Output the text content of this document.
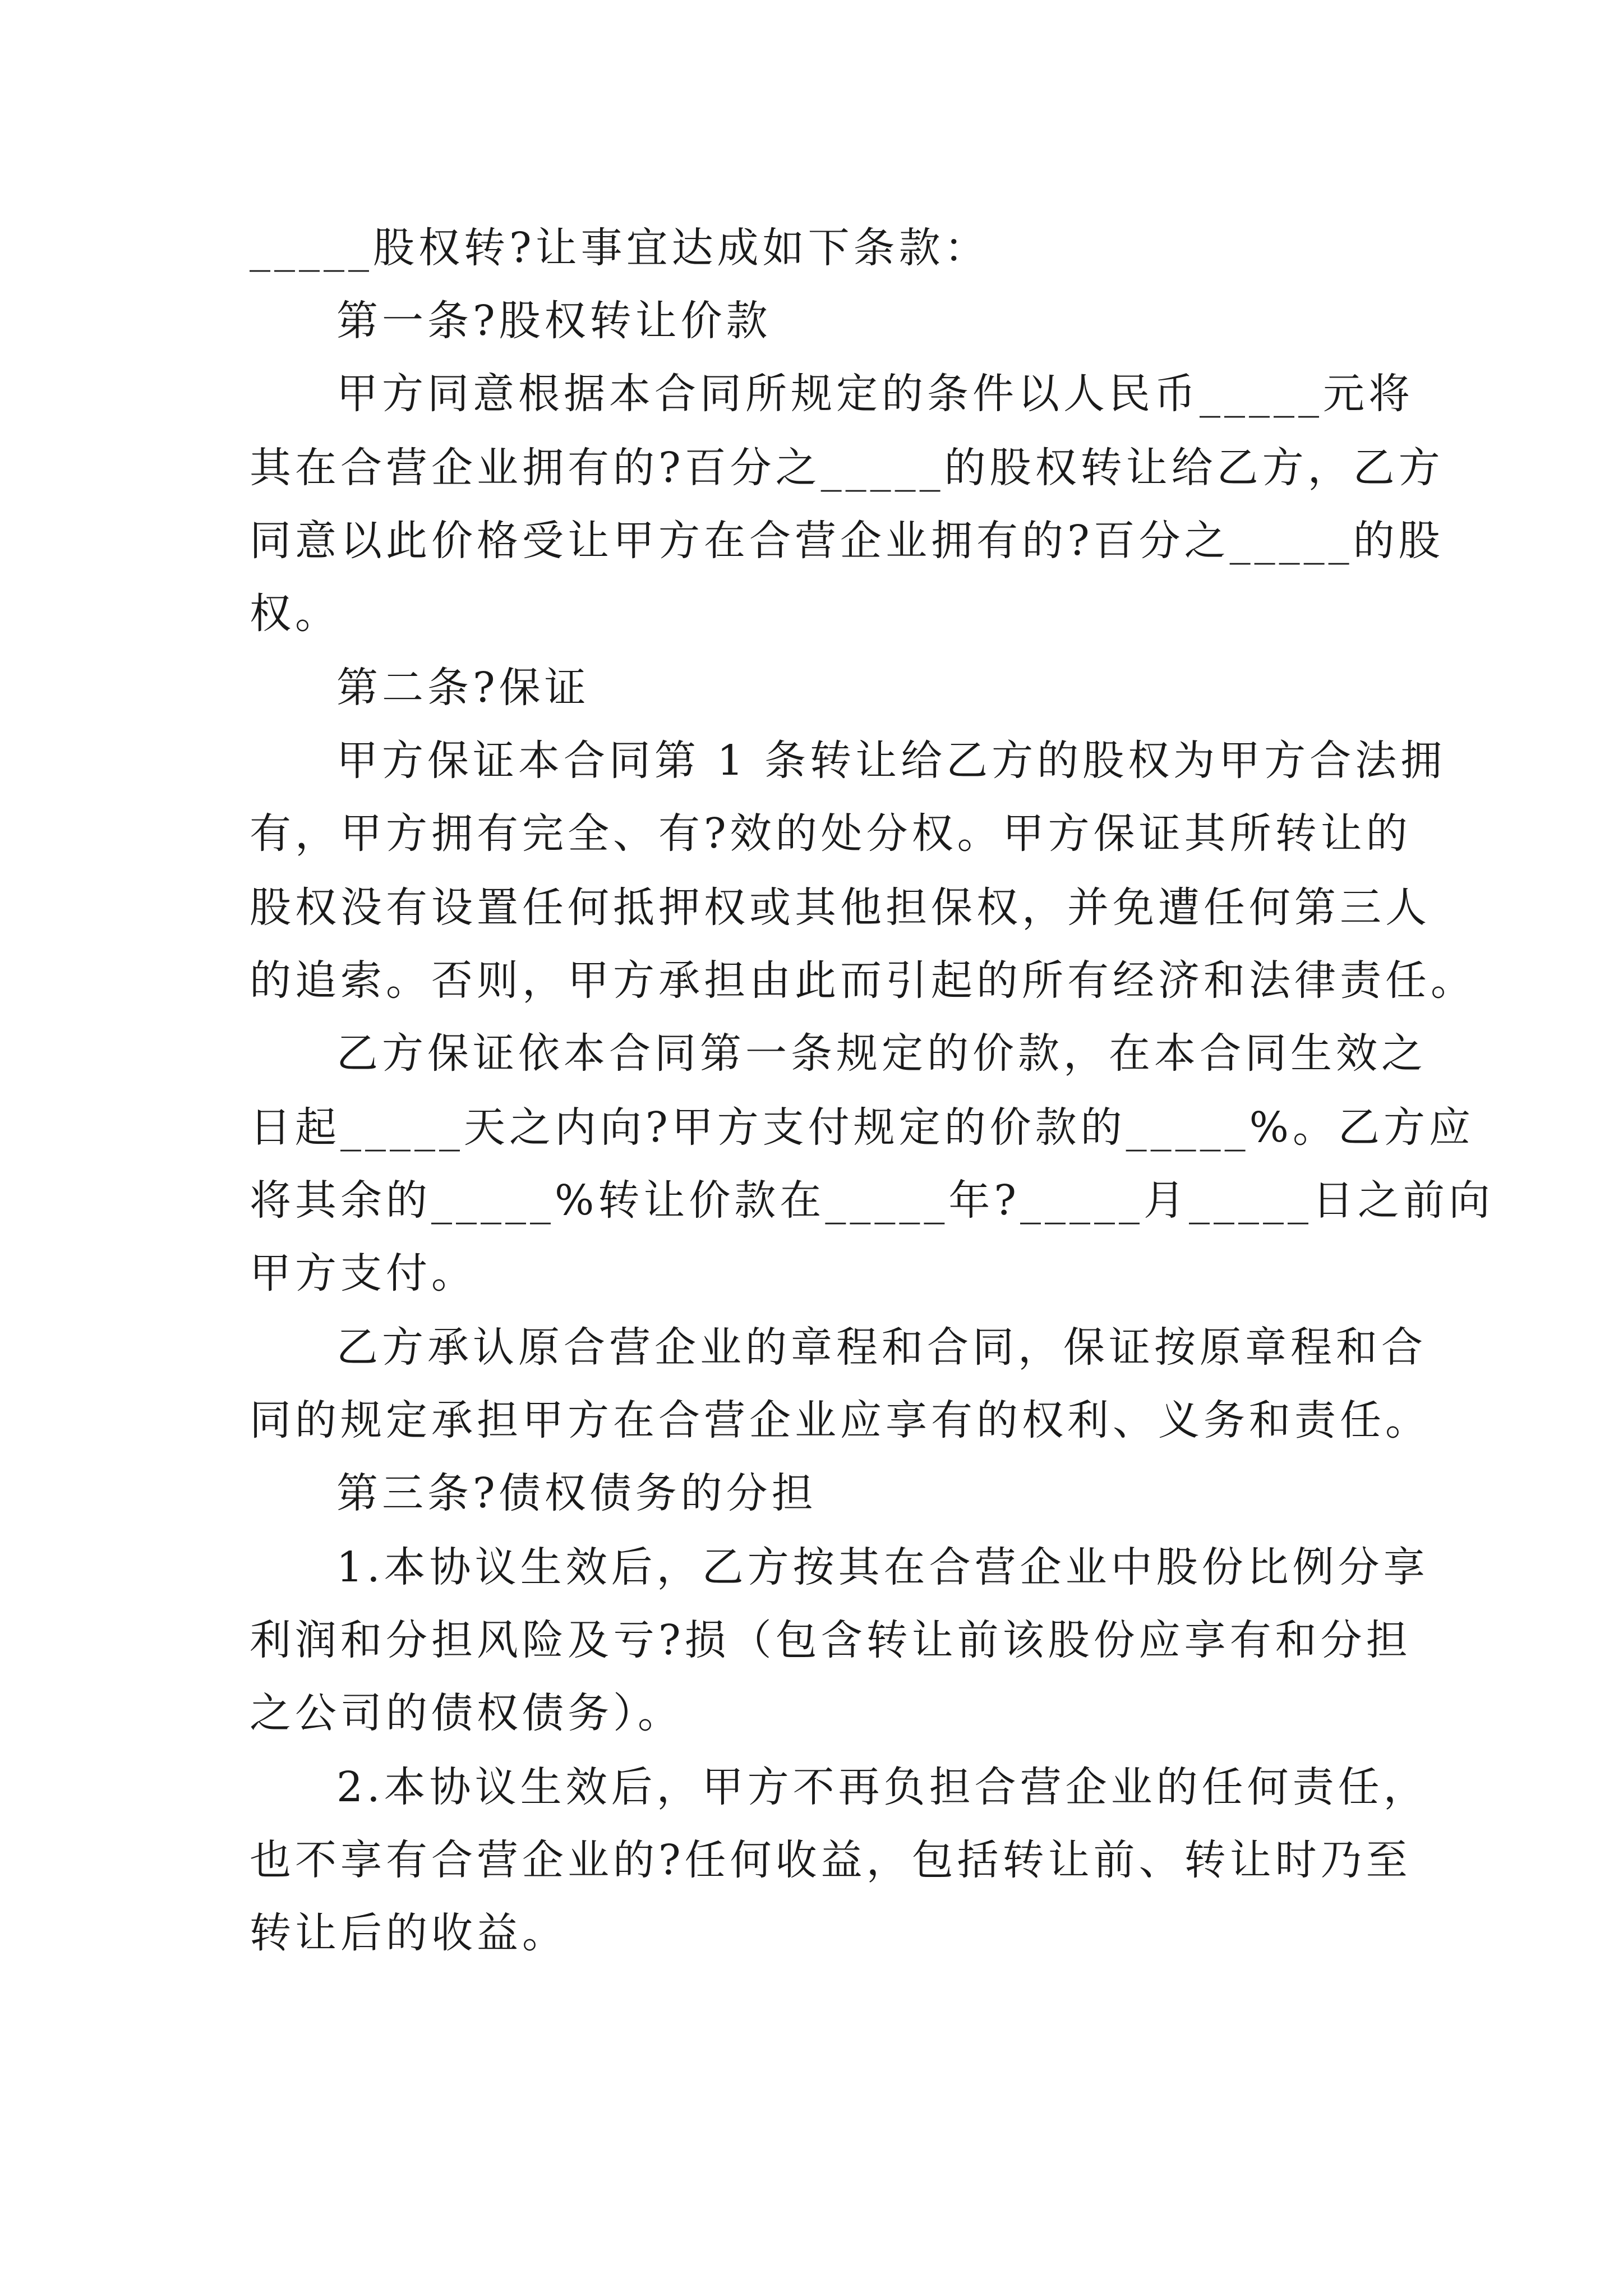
_____股权转?让事宜达成如下条款：
第一条?股权转让价款
甲方同意根据本合同所规定的条件以人民币_____元将
其在合营企业拥有的?百分之_____的股权转让给乙方，乙方
同意以此价格受让甲方在合营企业拥有的?百分之_____的股
权。
第二条?保证
甲方保证本合同第 1 条转让给乙方的股权为甲方合法拥
有，甲方拥有完全、有?效的处分权。甲方保证其所转让的
股权没有设置任何抵押权或其他担保权，并免遭任何第三人
的追索。否则，甲方承担由此而引起的所有经济和法律责任。
乙方保证依本合同第一条规定的价款，在本合同生效之
日起_____天之内向?甲方支付规定的价款的_____%。乙方应
将其余的_____%转让价款在_____年?_____月_____日之前向
甲方支付。
乙方承认原合营企业的章程和合同，保证按原章程和合
同的规定承担甲方在合营企业应享有的权利、义务和责任。
第三条?债权债务的分担
1.本协议生效后，乙方按其在合营企业中股份比例分享
利润和分担风险及亏?损（包含转让前该股份应享有和分担
之公司的债权债务）。
2.本协议生效后，甲方不再负担合营企业的任何责任，
也不享有合营企业的?任何收益，包括转让前、转让时乃至
转让后的收益。
